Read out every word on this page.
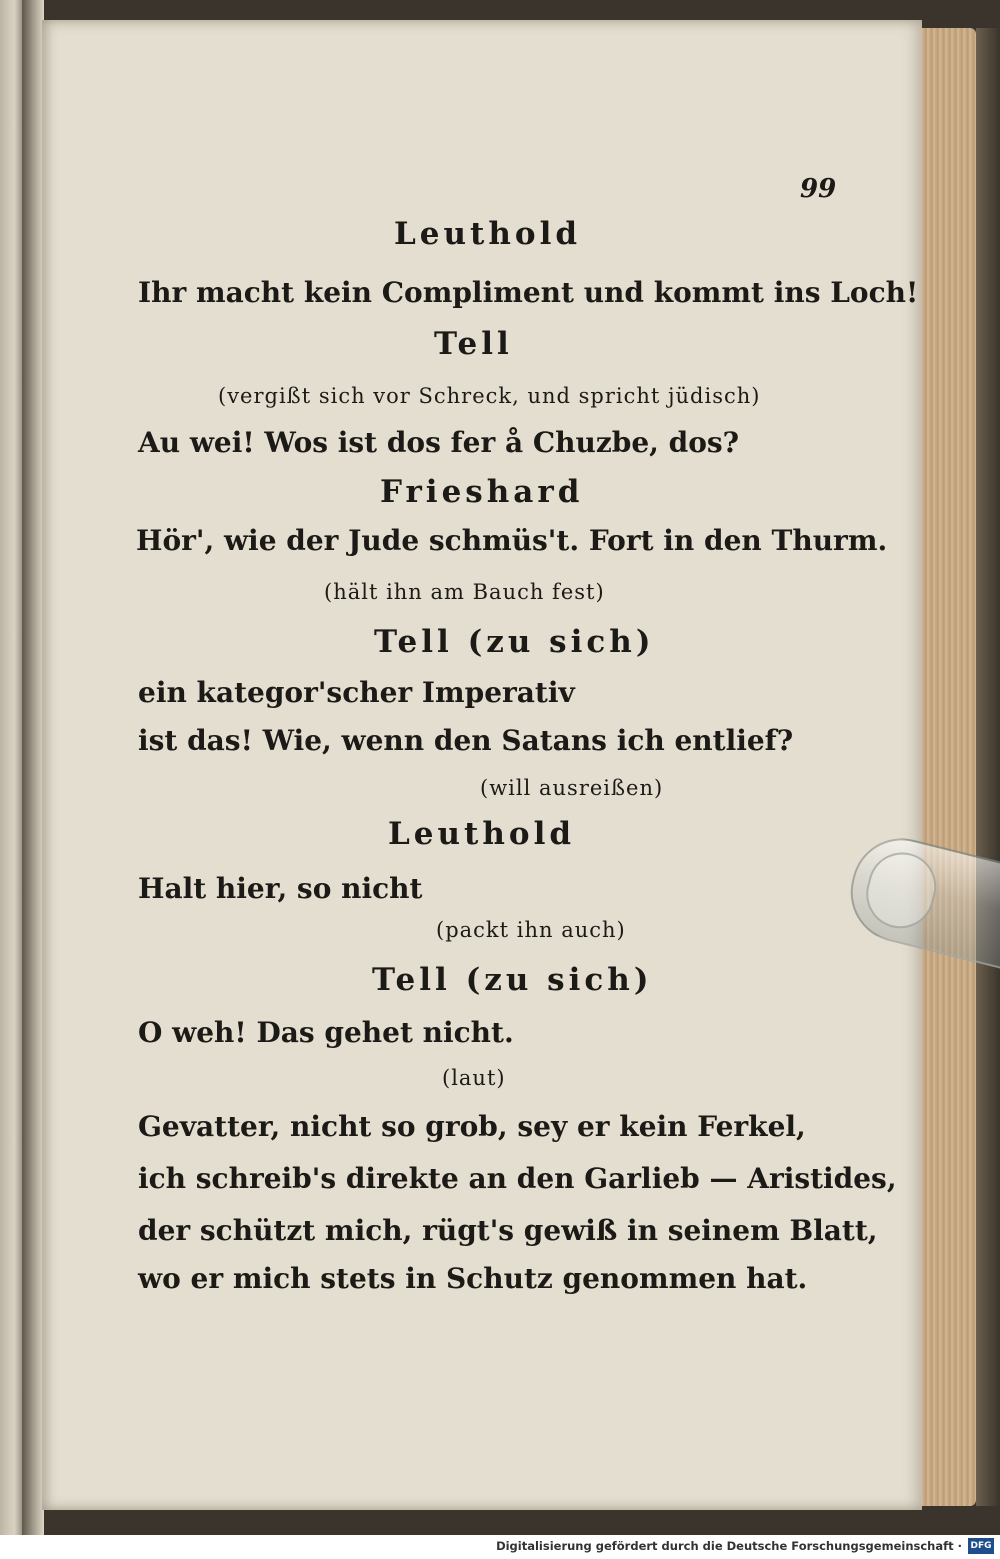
99

Leuthold

Ihr macht kein Compliment und kommt ins Loch!

Tell

(vergißt sich vor Schreck, und spricht jüdisch)

Au wei! Wos ist dos fer å Chuzbe, dos?

Frieshard

Hör', wie der Jude schmüs't. Fort in den Thurm.

(hält ihn am Bauch fest)

Tell (zu sich)

ein kategor'scher Imperativ

ist das! Wie, wenn den Satans ich entlief?

(will ausreißen)

Leuthold

Halt hier, so nicht

(packt ihn auch)

Tell (zu sich)

O weh! Das gehet nicht.

(laut)

Gevatter, nicht so grob, sey er kein Ferkel,

ich schreib's direkte an den Garlieb — Aristides,

der schützt mich, rügt's gewiß in seinem Blatt,

wo er mich stets in Schutz genommen hat.

Digitalisierung gefördert durch die Deutsche Forschungsgemeinschaft · DFG
